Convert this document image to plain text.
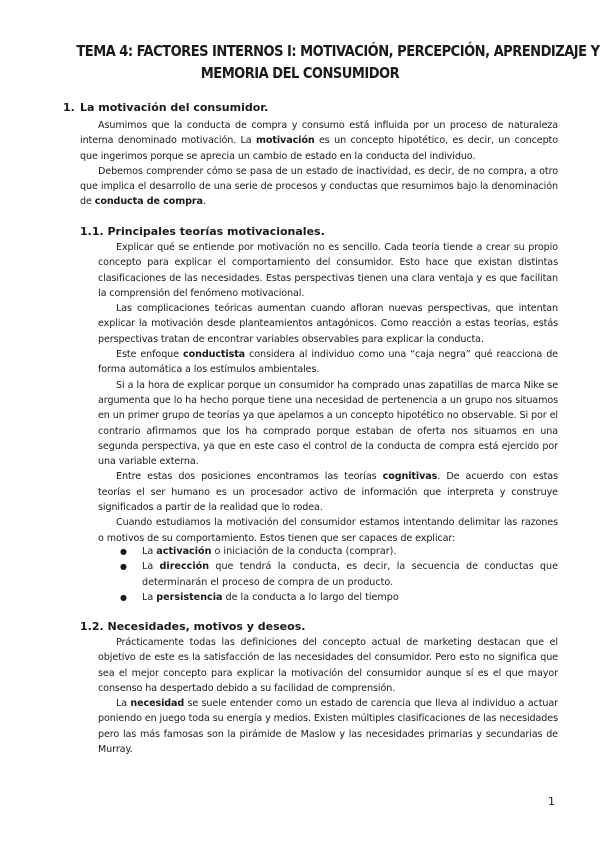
TEMA 4: FACTORES INTERNOS I: MOTIVACIÓN, PERCEPCIÓN, APRENDIZAJE Y
MEMORIA DEL CONSUMIDOR
1. La motivación del consumidor.

Asumimos que la conducta de compra y consumo está influida por un proceso de naturaleza interna denominado motivación. La motivación es un concepto hipotético, es decir, un concepto que ingerimos porque se aprecia un cambio de estado en la conducta del individuo.

Debemos comprender cómo se pasa de un estado de inactividad, es decir, de no compra, a otro que implica el desarrollo de una serie de procesos y conductas que resumimos bajo la denominación de conducta de compra.

1.1. Principales teorías motivacionales.

Explicar qué se entiende por motivación no es sencillo. Cada teoría tiende a crear su propio concepto para explicar el comportamiento del consumidor. Esto hace que existan distintas clasificaciones de las necesidades. Estas perspectivas tienen una clara ventaja y es que facilitan la comprensión del fenómeno motivacional.

Las complicaciones teóricas aumentan cuando afloran nuevas perspectivas, que intentan explicar la motivación desde planteamientos antagónicos. Como reacción a estas teorías, estás perspectivas tratan de encontrar variables observables para explicar la conducta.

Este enfoque conductista considera al individuo como una “caja negra” qué reacciona de forma automática a los estímulos ambientales.

Si a la hora de explicar porque un consumidor ha comprado unas zapatillas de marca Nike se argumenta que lo ha hecho porque tiene una necesidad de pertenencia a un grupo nos situamos en un primer grupo de teorías ya que apelamos a un concepto hipotético no observable. Si por el contrario afirmamos que los ha comprado porque estaban de oferta nos situamos en una segunda perspectiva, ya que en este caso el control de la conducta de compra está ejercido por una variable externa.

Entre estas dos posiciones encontramos las teorías cognitivas. De acuerdo con estas teorías el ser humano es un procesador activo de información que interpreta y construye significados a partir de la realidad que lo rodea.

Cuando estudiamos la motivación del consumidor estamos intentando delimitar las razones o motivos de su comportamiento. Estos tienen que ser capaces de explicar:

● La activación o iniciación de la conducta (comprar).
● La dirección que tendrá la conducta, es decir, la secuencia de conductas que determinarán el proceso de compra de un producto.
● La persistencia de la conducta a lo largo del tiempo
1.2. Necesidades, motivos y deseos.

Prácticamente todas las definiciones del concepto actual de marketing destacan que el objetivo de este es la satisfacción de las necesidades del consumidor. Pero esto no significa que sea el mejor concepto para explicar la motivación del consumidor aunque sí es el que mayor consenso ha despertado debido a su facilidad de comprensión.

La necesidad se suele entender como un estado de carencia que lleva al individuo a actuar poniendo en juego toda su energía y medios. Existen múltiples clasificaciones de las necesidades pero las más famosas son la pirámide de Maslow y las necesidades primarias y secundarias de Murray.

1
